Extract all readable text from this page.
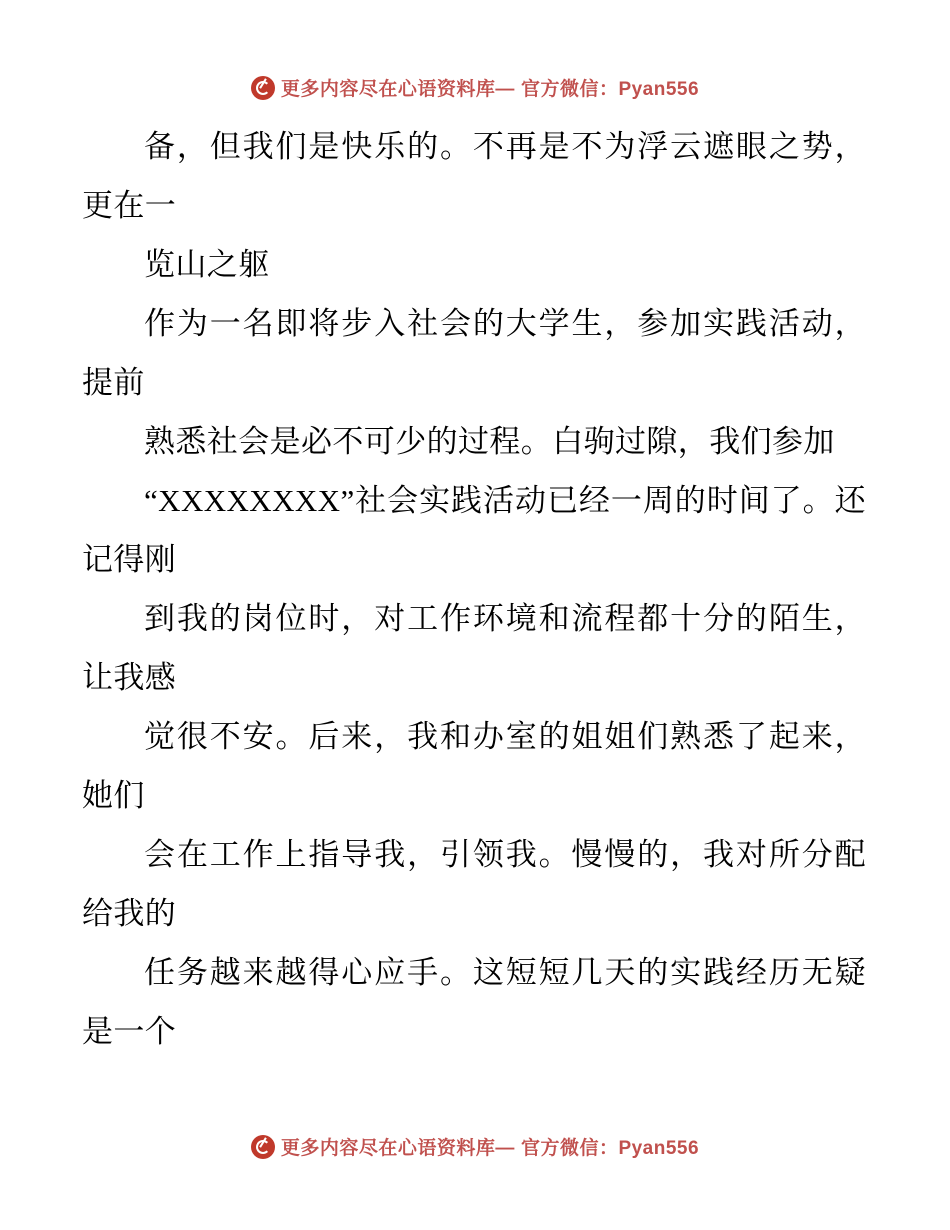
更多内容尽在心语资料库— 官方微信：Pyan556

备，但我们是快乐的。不再是不为浮云遮眼之势，更在一

览山之躯

作为一名即将步入社会的大学生，参加实践活动，提前

熟悉社会是必不可少的过程。白驹过隙，我们参加

“XXXXXXXX”社会实践活动已经一周的时间了。还记得刚

到我的岗位时，对工作环境和流程都十分的陌生，让我感

觉很不安。后来，我和办室的姐姐们熟悉了起来，她们

会在工作上指导我，引领我。慢慢的，我对所分配给我的

任务越来越得心应手。这短短几天的实践经历无疑是一个

更多内容尽在心语资料库— 官方微信：Pyan556
